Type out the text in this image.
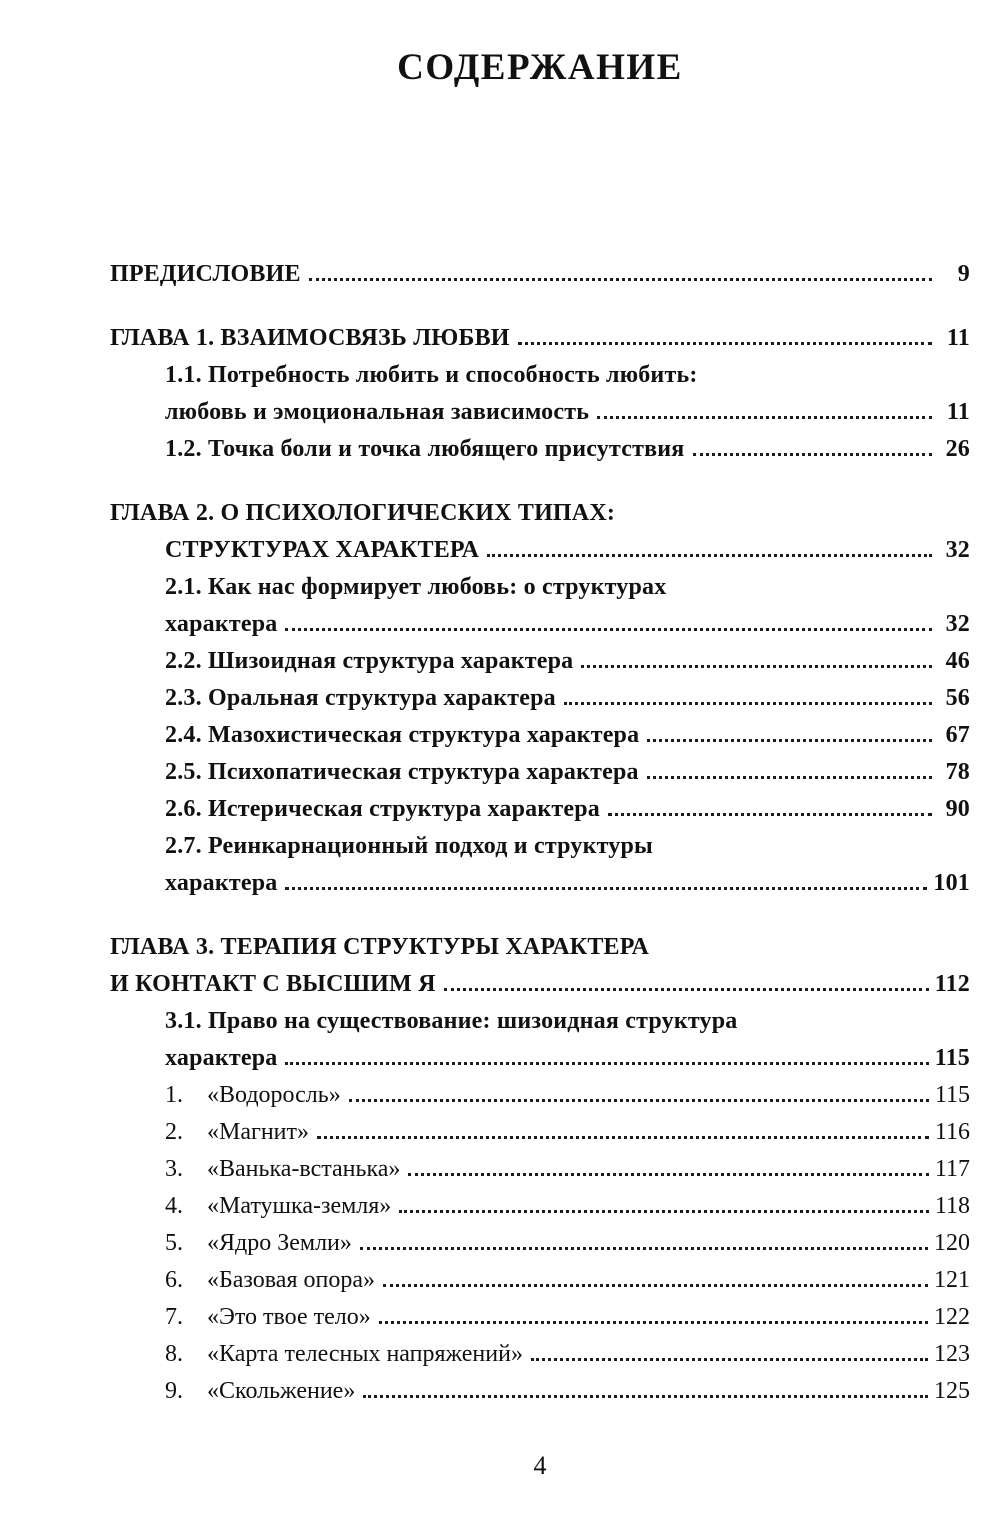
СОДЕРЖАНИЕ
ПРЕДИСЛОВИЕ	9
ГЛАВА 1. ВЗАИМОСВЯЗЬ ЛЮБВИ	11
1.1. Потребность любить и способность любить:
любовь и эмоциональная зависимость	11
1.2. Точка боли и точка любящего присутствия	26
ГЛАВА 2. О ПСИХОЛОГИЧЕСКИХ ТИПАХ:
СТРУКТУРАХ ХАРАКТЕРА	32
2.1. Как нас формирует любовь: о структурах
характера	32
2.2. Шизоидная структура характера	46
2.3. Оральная структура характера	56
2.4. Мазохистическая структура характера	67
2.5. Психопатическая структура характера	78
2.6. Истерическая структура характера	90
2.7. Реинкарнационный подход и структуры
характера	101
ГЛАВА 3. ТЕРАПИЯ СТРУКТУРЫ ХАРАКТЕРА
И КОНТАКТ С ВЫСШИМ Я	112
3.1. Право на существование: шизоидная структура
характера	115
1.	«Водоросль»	115
2.	«Магнит»	116
3.	«Ванька-встанька»	117
4.	«Матушка-земля»	118
5.	«Ядро Земли»	120
6.	«Базовая опора»	121
7.	«Это твое тело»	122
8.	«Карта телесных напряжений»	123
9.	«Скольжение»	125
4
